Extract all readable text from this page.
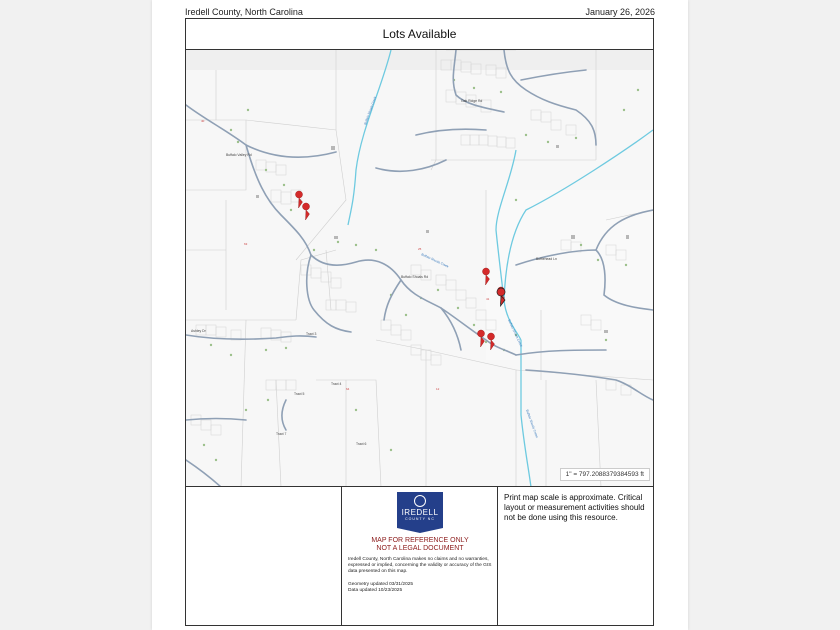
Iredell County, North Carolina	January 26, 2026
Lots Available
Buffalo Shoals Creek
Buffalo Shoals Creek
Buffalo Shoals Creek
Buffalo Shoals Creek
Buffalo Valley Rd
Buffalo Shoals Rd
Bufflehead Ln
Ashley Dr
Oak Ridge Rd
40
63
41
25
64	12
Tract 3
Tract 4
Tract 5
Tract 6
Tract 7
1" = 797.2088379384593 ft
IREDELL
COUNTY NC
MAP FOR REFERENCE ONLY
NOT A LEGAL DOCUMENT
Iredell County, North Carolina makes no claims and no warranties, expressed or implied, concerning the validity or accuracy of the GIS data presented on this map.
Geometry updated 03/31/2025
Data updated 10/23/2025
Print map scale is approximate. Critical layout or measurement activities should not be done using this resource.
